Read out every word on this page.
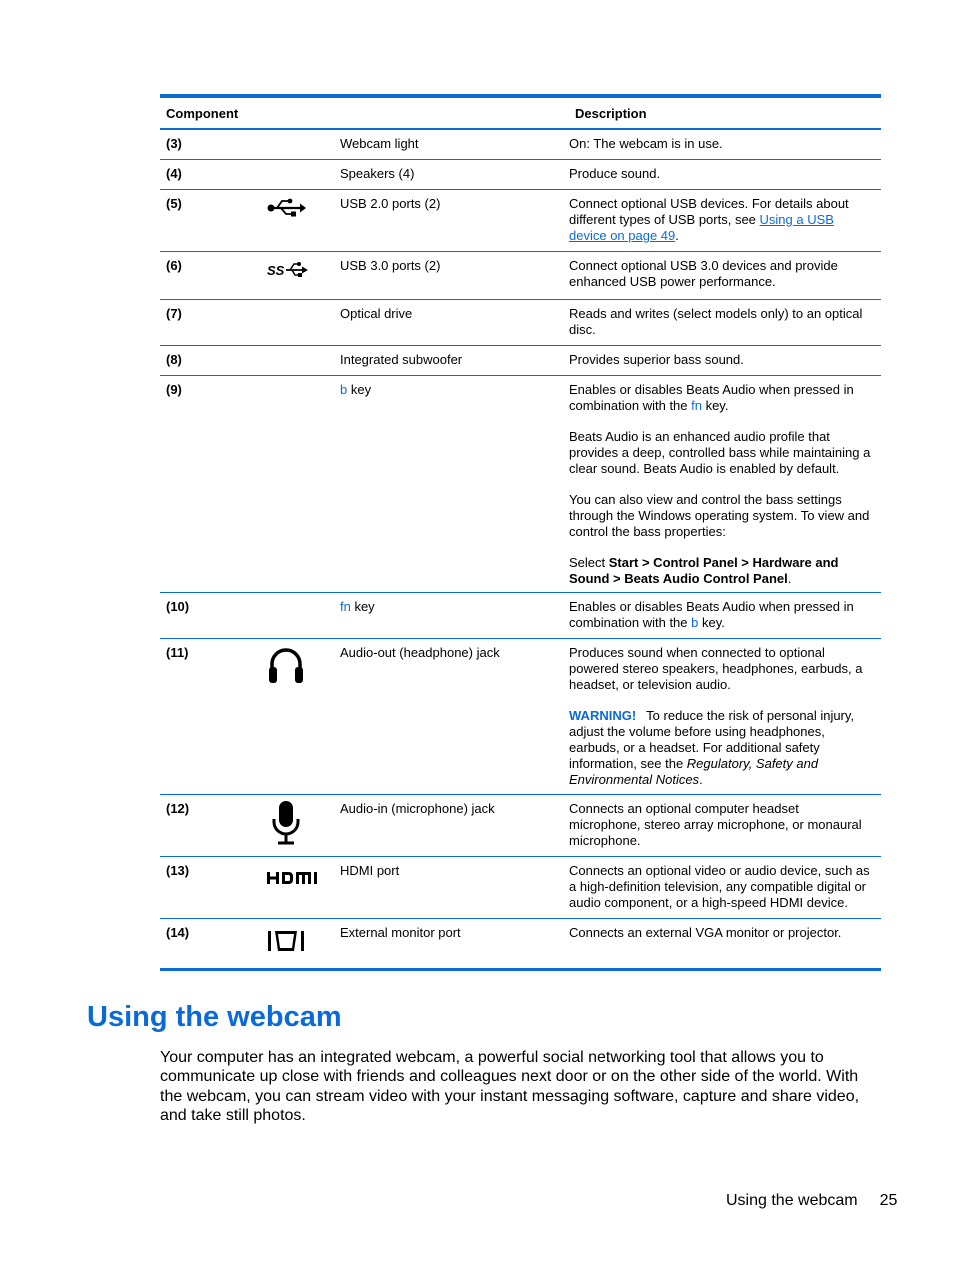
Component	Description
(3)	Webcam light	On: The webcam is in use.
(4)	Speakers (4)	Produce sound.
(5)	USB 2.0 ports (2)	Connect optional USB devices. For details about different types of USB ports, see Using a USB device on page 49.
(6)	SS	USB 3.0 ports (2)	Connect optional USB 3.0 devices and provide enhanced USB power performance.
(7)	Optical drive	Reads and writes (select models only) to an optical disc.
(8)	Integrated subwoofer	Provides superior bass sound.
(9)	b key	Enables or disables Beats Audio when pressed in combination with the fn key.

Beats Audio is an enhanced audio profile that provides a deep, controlled bass while maintaining a clear sound. Beats Audio is enabled by default.

You can also view and control the bass settings through the Windows operating system. To view and control the bass properties:

Select Start > Control Panel > Hardware and Sound > Beats Audio Control Panel.

(10)	fn key	Enables or disables Beats Audio when pressed in combination with the b key.
(11)	Audio-out (headphone) jack	Produces sound when connected to optional powered stereo speakers, headphones, earbuds, a headset, or television audio.

WARNING! To reduce the risk of personal injury, adjust the volume before using headphones, earbuds, or a headset. For additional safety information, see the Regulatory, Safety and Environmental Notices.

(12)	Audio-in (microphone) jack	Connects an optional computer headset microphone, stereo array microphone, or monaural microphone.
(13)	HDMI port	Connects an optional video or audio device, such as a high-definition television, any compatible digital or audio component, or a high-speed HDMI device.
(14)	External monitor port	Connects an external VGA monitor or projector.
Using the webcam

Your computer has an integrated webcam, a powerful social networking tool that allows you to communicate up close with friends and colleagues next door or on the other side of the world. With the webcam, you can stream video with your instant messaging software, capture and share video, and take still photos.

Using the webcam 25
